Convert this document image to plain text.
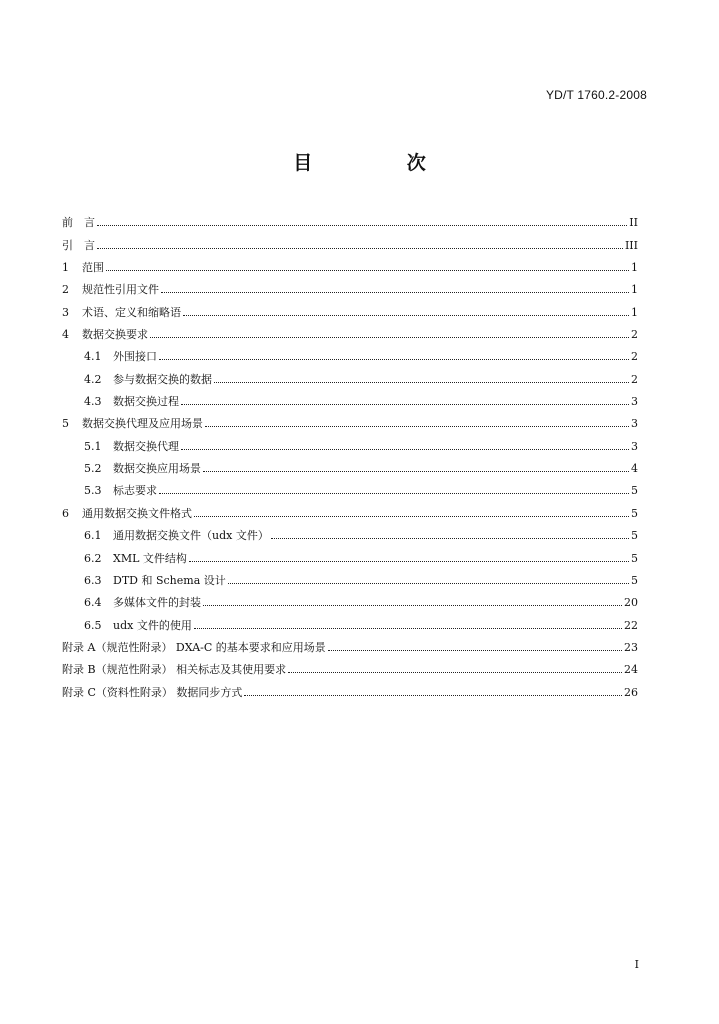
YD/T 1760.2-2008
目 次
前　言	II
引　言	III
1	范围	1
2	规范性引用文件	1
3	术语、定义和缩略语	1
4	数据交换要求	2
4.1	外围接口	2
4.2	参与数据交换的数据	2
4.3	数据交换过程	3
5	数据交换代理及应用场景	3
5.1	数据交换代理	3
5.2	数据交换应用场景	4
5.3	标志要求	5
6	通用数据交换文件格式	5
6.1	通用数据交换文件（udx 文件）	5
6.2	XML 文件结构	5
6.3	DTD 和 Schema 设计	5
6.4	多媒体文件的封装	20
6.5	udx 文件的使用	22
附录 A（规范性附录） DXA-C 的基本要求和应用场景	23
附录 B（规范性附录） 相关标志及其使用要求	24
附录 C（资料性附录） 数据同步方式	26
I
